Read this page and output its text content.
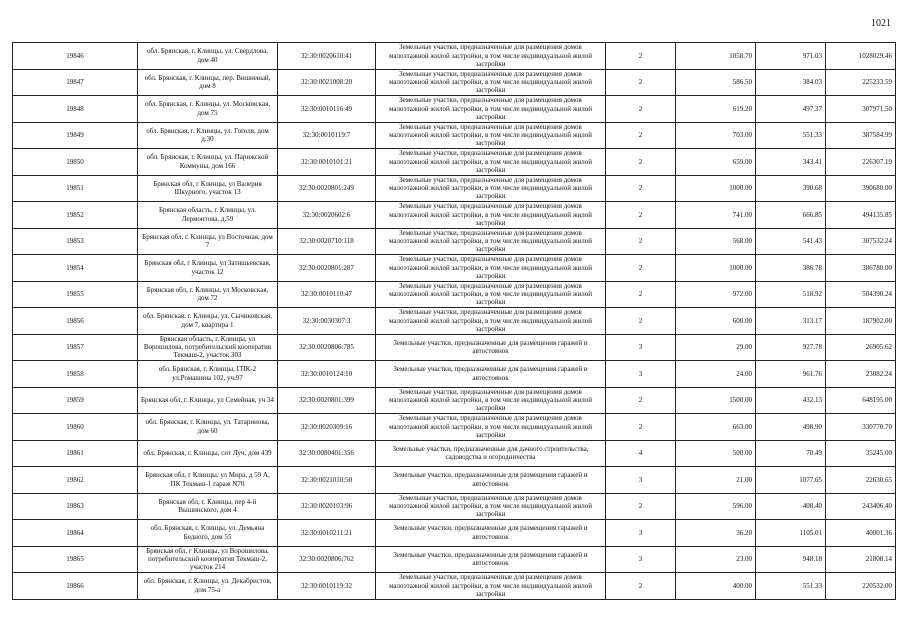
1021
19846	обл. Брянская, г. Клинцы, ул. Свердлова, дом 40	32:30:0020610:41	Земельные участки, предназначенные для размещения домов малоэтажной жилой застройки, в том числе индивидуальной жилой застройки	2	1058.70	971.03	1028029.46
19847	обл. Брянская, г. Клинцы, пер. Вишневый, дом 8	32:30:0021008:20	Земельные участки, предназначенные для размещения домов малоэтажной жилой застройки, в том числе индивидуальной жилой застройки	2	586.50	384.03	225233.59
19848	обл. Брянская, г. Клинцы, ул. Московская, дом 75	32:30:0010116:49	Земельные участки, предназначенные для размещения домов малоэтажной жилой застройки, в том числе индивидуальной жилой застройки	2	619.20	497.37	307971.50
19849	обл. Брянская, г. Клинцы, ул. Гоголя, дом д.30	32:30:0010119:7	Земельные участки, предназначенные для размещения домов малоэтажной жилой застройки, в том числе индивидуальной жилой застройки	2	703.00	551.33	387584.99
19850	обл. Брянская, г. Клинцы, ул. Парижской Коммуны, дом 166	32:30:0010101:21	Земельные участки, предназначенные для размещения домов малоэтажной жилой застройки, в том числе индивидуальной жилой застройки	2	659.00	343.41	226307.19
19851	Брянская обл, г Клинцы, ул Валерия Шкурного, участок 13	32:30:0020801:249	Земельные участки, предназначенные для размещения домов малоэтажной жилой застройки, в том числе индивидуальной жилой застройки	2	1000.00	390.68	390680.00
19852	Брянская область, г. Клинцы, ул. Лермонтова, д.59	32:30:0020602:6	Земельные участки, предназначенные для размещения домов малоэтажной жилой застройки, в том числе индивидуальной жилой застройки	2	741.00	666.85	494135.85
19853	Брянская обл, г. Клинцы, ул Восточная, дом 7	32:30:0020710:118	Земельные участки, предназначенные для размещения домов малоэтажной жилой застройки, в том числе индивидуальной жилой застройки	2	568.00	541.43	307532.24
19854	Брянская обл, г Клинцы, ул Затишьевская, участок 12	32:30:0020801:287	Земельные участки, предназначенные для размещения домов малоэтажной жилой застройки, в том числе индивидуальной жилой застройки	2	1000.00	386.78	386780.00
19855	Брянская обл, г. Клинцы, ул Московская, дом 72	32:30:0010110:47	Земельные участки, предназначенные для размещения домов малоэтажной жилой застройки, в том числе индивидуальной жилой застройки	2	972.00	518.92	504390.24
19856	обл. Брянская, г. Клинцы, ул. Сычиковская, дом 7, квартира 1	32:30:0030307:3	Земельные участки, предназначенные для размещения домов малоэтажной жилой застройки, в том числе индивидуальной жилой застройки	2	600.00	313.17	187902.00
19857	Брянская область, г. Клинцы, ул Ворошилова, потребительский кооператив Текмаш-2, участок 303	32:30:0020806:785	Земельные участки, предназначенные для размещения гаражей и автостоянок	3	29.00	927.78	26905.62
19858	обл. Брянская, г. Клинцы, ГПК-2 ул.Ромашина 102, уч.97	32:30:0010124:10	Земельные участки, предназначенные для размещения гаражей и автостоянок	3	24.00	961.76	23082.24
19859	Брянская обл, г. Клинцы, ул Семейная, уч 34	32:30:0020801:399	Земельные участки, предназначенные для размещения домов малоэтажной жилой застройки, в том числе индивидуальной жилой застройки	2	1500.00	432.13	648195.00
19860	обл. Брянская, г. Клинцы, ул. Татаринова, дом 60	32:30:0020309:16	Земельные участки, предназначенные для размещения домов малоэтажной жилой застройки, в том числе индивидуальной жилой застройки	2	663.00	498.90	330770.70
19861	обл. Брянская, г. Клинцы, снт Луч, дом 439	32:30:0080401:356	Земельные участки, предназначенные для дачного строительства, садоводства и огородничества	4	500.00	70.49	35245.00
19862	Брянская обл, г Клинцы, ул Мира, д 59 А, ПК Текмаш-1 гараж N70	32:30:0021010:50	Земельные участки, предназначенные для размещения гаражей и автостоянок	3	21.00	1077.65	22630.65
19863	Брянская обл, г. Клинцы, пер 4-й Вышинского, дом 4	32:30:0020103:96	Земельные участки, предназначенные для размещения домов малоэтажной жилой застройки, в том числе индивидуальной жилой застройки	2	596.00	408.40	243406.40
19864	обл. Брянская, г. Клинцы, ул. Демьяна Бедного, дом 55	32:30:0010211:21	Земельные участки, предназначенные для размещения гаражей и автостоянок	3	36.20	1105.01	40001.36
19865	Брянская обл, г Клинцы, ул Ворошилова, потребительский кооператив Текмаш-2, участок 214	32:30:0020806:762	Земельные участки, предназначенные для размещения гаражей и автостоянок	3	23.00	948.18	21808.14
19866	обл. Брянская, г. Клинцы, ул. Декабристов, дом 75-а	32:30:0010119:32	Земельные участки, предназначенные для размещения домов малоэтажной жилой застройки, в том числе индивидуальной жилой застройки	2	400.00	551.33	220532.00
